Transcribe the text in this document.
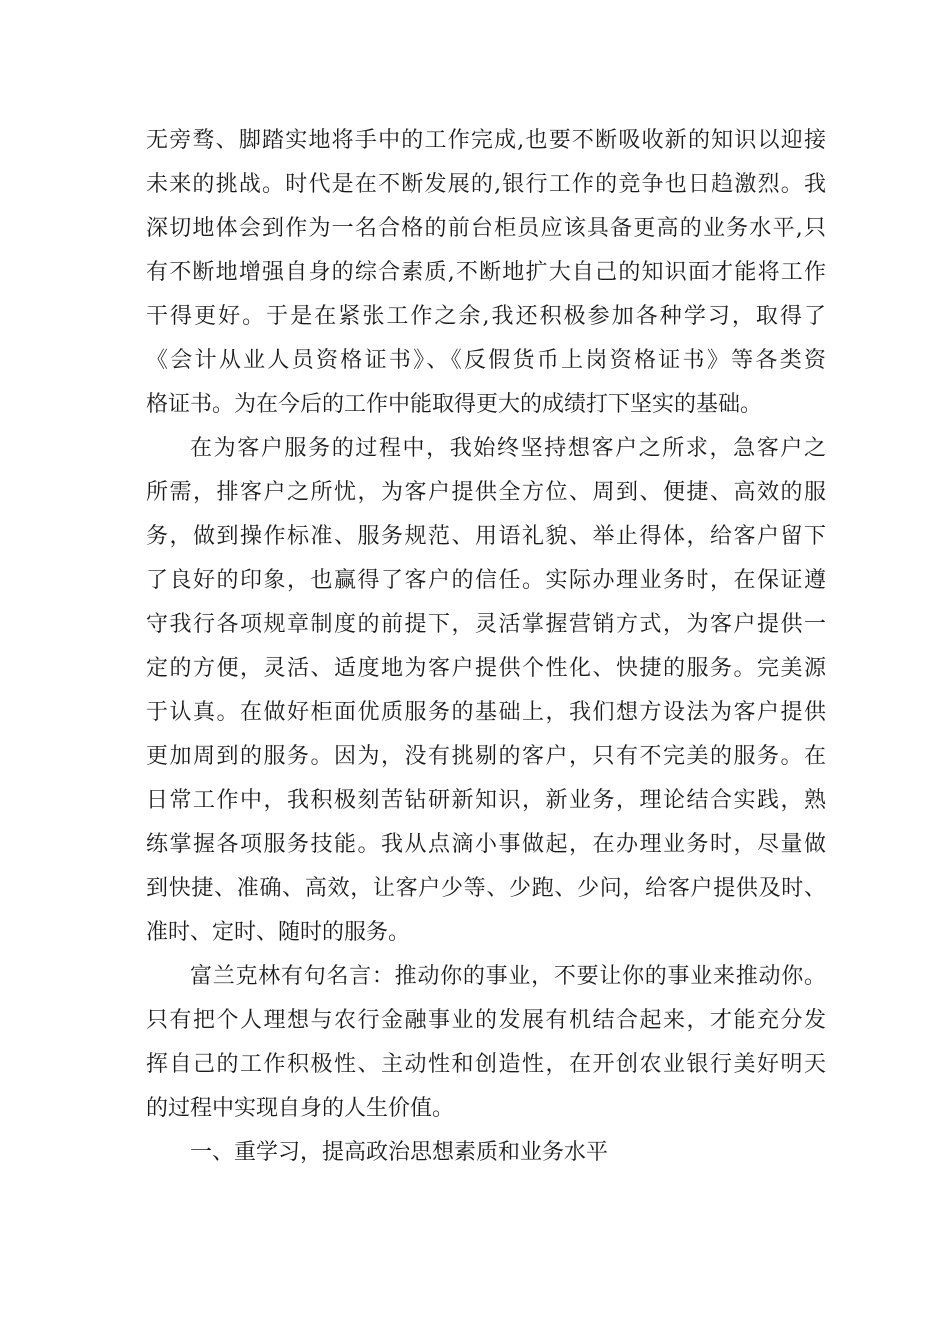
无旁骛、脚踏实地将手中的工作完成,也要不断吸收新的知识以迎接
未来的挑战。时代是在不断发展的,银行工作的竞争也日趋激烈。我
深切地体会到作为一名合格的前台柜员应该具备更高的业务水平,只
有不断地增强自身的综合素质,不断地扩大自己的知识面才能将工作
干得更好。于是在紧张工作之余,我还积极参加各种学习，取得了
《会计从业人员资格证书》、《反假货币上岗资格证书》等各类资
格证书。为在今后的工作中能取得更大的成绩打下坚实的基础。
在为客户服务的过程中，我始终坚持想客户之所求，急客户之
所需，排客户之所忧，为客户提供全方位、周到、便捷、高效的服
务，做到操作标准、服务规范、用语礼貌、举止得体，给客户留下
了良好的印象，也赢得了客户的信任。实际办理业务时，在保证遵
守我行各项规章制度的前提下，灵活掌握营销方式，为客户提供一
定的方便，灵活、适度地为客户提供个性化、快捷的服务。完美源
于认真。在做好柜面优质服务的基础上，我们想方设法为客户提供
更加周到的服务。因为，没有挑剔的客户，只有不完美的服务。在
日常工作中，我积极刻苦钻研新知识，新业务，理论结合实践，熟
练掌握各项服务技能。我从点滴小事做起，在办理业务时，尽量做
到快捷、准确、高效，让客户少等、少跑、少问，给客户提供及时、
准时、定时、随时的服务。
富兰克林有句名言：推动你的事业，不要让你的事业来推动你。
只有把个人理想与农行金融事业的发展有机结合起来，才能充分发
挥自己的工作积极性、主动性和创造性，在开创农业银行美好明天
的过程中实现自身的人生价值。
一、重学习，提高政治思想素质和业务水平
